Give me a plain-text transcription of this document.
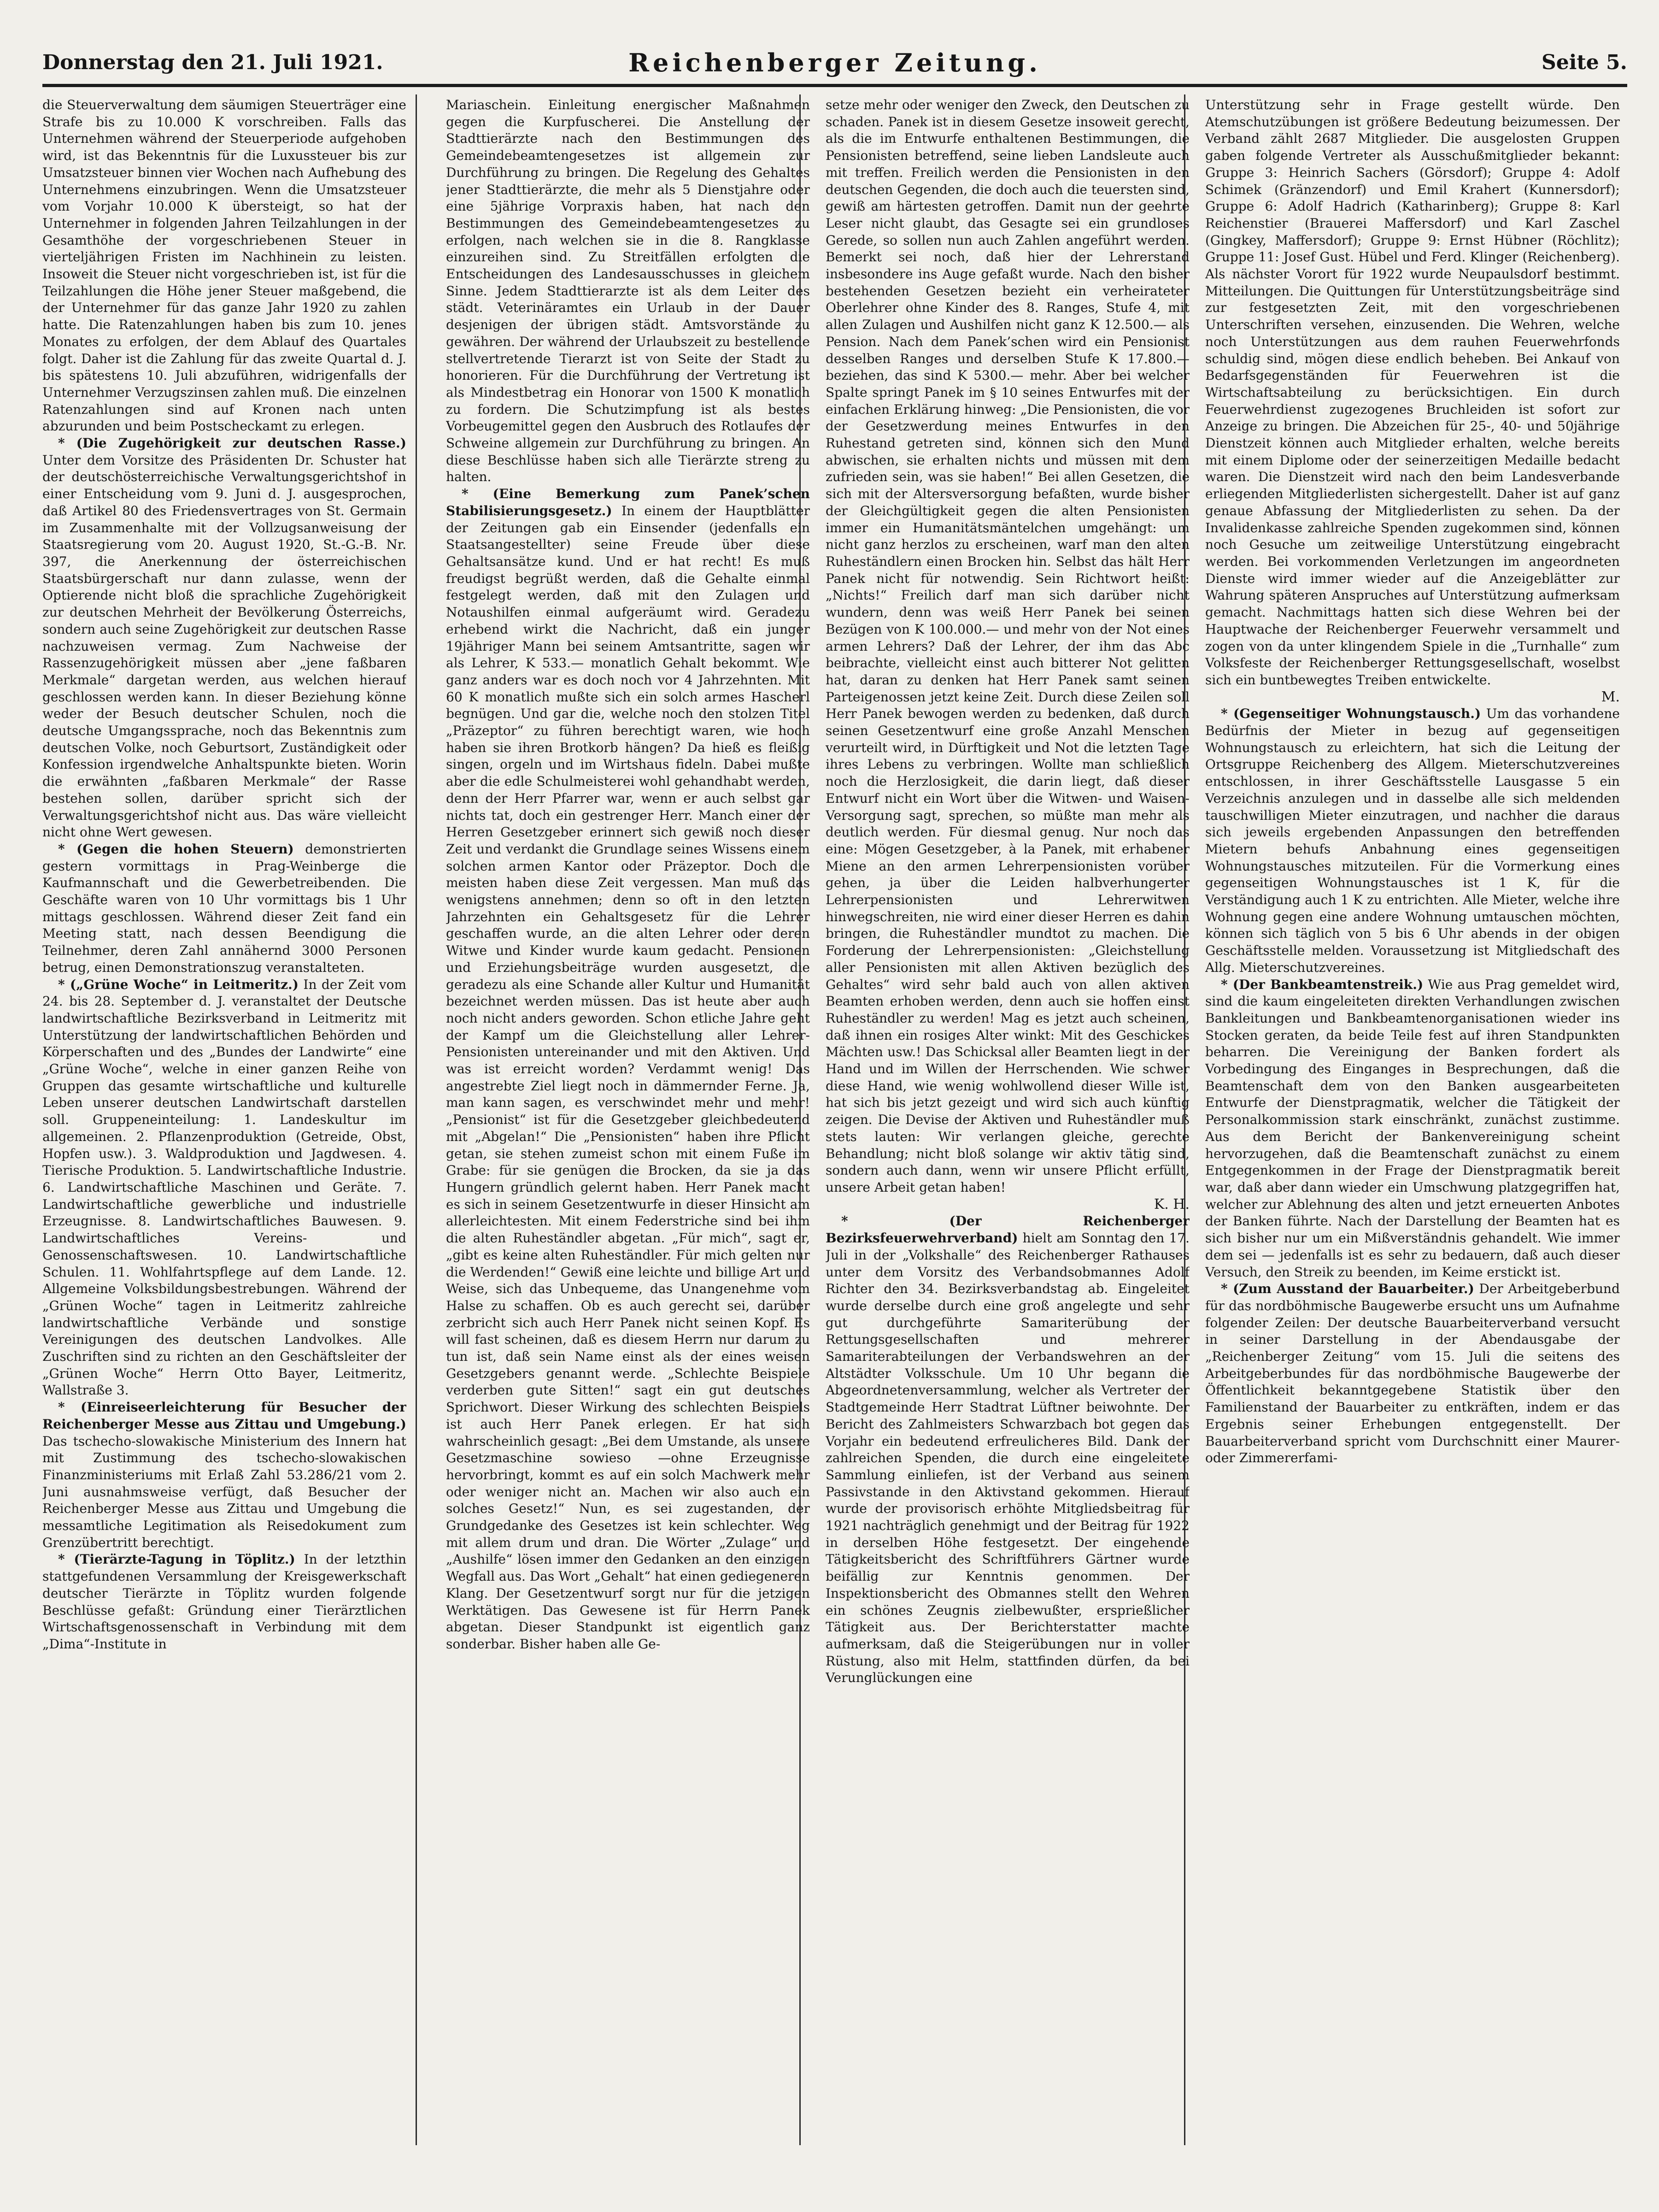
Donnerstag den 21. Juli 1921.	Reichenberger Zeitung.	Seite 5.

die Steuerverwaltung dem säumigen Steuerträger eine Strafe bis zu 10.000 K vorschreiben. Falls das Unternehmen während der Steuerperiode aufgehoben wird, ist das Bekenntnis für die Luxussteuer bis zur Umsatzsteuer binnen vier Wochen nach Aufhebung des Unternehmens einzubringen. Wenn die Umsatzsteuer vom Vorjahr 10.000 K übersteigt, so hat der Unternehmer in folgenden Jahren Teilzahlungen in der Gesamthöhe der vorgeschriebenen Steuer in vierteljährigen Fristen im Nachhinein zu leisten. Insoweit die Steuer nicht vorgeschrieben ist, ist für die Teilzahlungen die Höhe jener Steuer maßgebend, die der Unternehmer für das ganze Jahr 1920 zu zahlen hatte. Die Ratenzahlungen haben bis zum 10. jenes Monates zu erfolgen, der dem Ablauf des Quartales folgt. Daher ist die Zahlung für das zweite Quartal d. J. bis spätestens 10. Juli abzuführen, widrigenfalls der Unternehmer Verzugszinsen zahlen muß. Die einzelnen Ratenzahlungen sind auf Kronen nach unten abzurunden und beim Postscheckamt zu erlegen.

* (Die Zugehörigkeit zur deutschen Rasse.) Unter dem Vorsitze des Präsidenten Dr. Schuster hat der deutschösterreichische Verwaltungsgerichtshof in einer Entscheidung vom 9. Juni d. J. ausgesprochen, daß Artikel 80 des Friedensvertrages von St. Germain im Zusammenhalte mit der Vollzugsanweisung der Staatsregierung vom 20. August 1920, St.-G.-B. Nr. 397, die Anerkennung der österreichischen Staatsbürgerschaft nur dann zulasse, wenn der Optierende nicht bloß die sprachliche Zugehörigkeit zur deutschen Mehrheit der Bevölkerung Österreichs, sondern auch seine Zugehörigkeit zur deutschen Rasse nachzuweisen vermag. Zum Nachweise der Rassenzugehörigkeit müssen aber „jene faßbaren Merkmale“ dargetan werden, aus welchen hierauf geschlossen werden kann. In dieser Beziehung könne weder der Besuch deutscher Schulen, noch die deutsche Umgangssprache, noch das Bekenntnis zum deutschen Volke, noch Geburtsort, Zuständigkeit oder Konfession irgendwelche Anhaltspunkte bieten. Worin die erwähnten „faßbaren Merkmale“ der Rasse bestehen sollen, darüber spricht sich der Verwaltungsgerichtshof nicht aus. Das wäre vielleicht nicht ohne Wert gewesen.

* (Gegen die hohen Steuern) demonstrierten gestern vormittags in Prag-Weinberge die Kaufmannschaft und die Gewerbetreibenden. Die Geschäfte waren von 10 Uhr vormittags bis 1 Uhr mittags geschlossen. Während dieser Zeit fand ein Meeting statt, nach dessen Beendigung die Teilnehmer, deren Zahl annähernd 3000 Personen betrug, einen Demonstrationszug veranstalteten.

* („Grüne Woche“ in Leitmeritz.) In der Zeit vom 24. bis 28. September d. J. veranstaltet der Deutsche landwirtschaftliche Bezirksverband in Leitmeritz mit Unterstützung der landwirtschaftlichen Behörden und Körperschaften und des „Bundes der Landwirte“ eine „Grüne Woche“, welche in einer ganzen Reihe von Gruppen das gesamte wirtschaftliche und kulturelle Leben unserer deutschen Landwirtschaft darstellen soll. Gruppeneinteilung: 1. Landeskultur im allgemeinen. 2. Pflanzenproduktion (Getreide, Obst, Hopfen usw.). 3. Waldproduktion und Jagdwesen. 4. Tierische Produktion. 5. Landwirtschaftliche Industrie. 6. Landwirtschaftliche Maschinen und Geräte. 7. Landwirtschaftliche gewerbliche und industrielle Erzeugnisse. 8. Landwirtschaftliches Bauwesen. 9. Landwirtschaftliches Vereins- und Genossenschaftswesen. 10. Landwirtschaftliche Schulen. 11. Wohlfahrtspflege auf dem Lande. 12. Allgemeine Volksbildungsbestrebungen. Während der „Grünen Woche“ tagen in Leitmeritz zahlreiche landwirtschaftliche Verbände und sonstige Vereinigungen des deutschen Landvolkes. Alle Zuschriften sind zu richten an den Geschäftsleiter der „Grünen Woche“ Herrn Otto Bayer, Leitmeritz, Wallstraße 3.

* (Einreiseerleichterung für Besucher der Reichenberger Messe aus Zittau und Umgebung.) Das tschecho-slowakische Ministerium des Innern hat mit Zustimmung des tschecho-slowakischen Finanzministeriums mit Erlaß Zahl 53.286/21 vom 2. Juni ausnahmsweise verfügt, daß Besucher der Reichenberger Messe aus Zittau und Umgebung die messamtliche Legitimation als Reisedokument zum Grenzübertritt berechtigt.

* (Tierärzte-Tagung in Töplitz.) In der letzthin stattgefundenen Versammlung der Kreisgewerkschaft deutscher Tierärzte in Töplitz wurden folgende Beschlüsse gefaßt: Gründung einer Tierärztlichen Wirtschaftsgenossenschaft in Verbindung mit dem „Dima“-Institute in

Mariaschein. Einleitung energischer Maßnahmen gegen die Kurpfuscherei. Die Anstellung der Stadttierärzte nach den Bestimmungen des Gemeindebeamtengesetzes ist allgemein zur Durchführung zu bringen. Die Regelung des Gehaltes jener Stadttierärzte, die mehr als 5 Dienstjahre oder eine 5jährige Vorpraxis haben, hat nach den Bestimmungen des Gemeindebeamtengesetzes zu erfolgen, nach welchen sie in die 8. Rangklasse einzureihen sind. Zu Streitfällen erfolgten die Entscheidungen des Landesausschusses in gleichem Sinne. Jedem Stadttierarzte ist als dem Leiter des städt. Veterinäramtes ein Urlaub in der Dauer desjenigen der übrigen städt. Amtsvorstände zu gewähren. Der während der Urlaubszeit zu bestellende stellvertretende Tierarzt ist von Seite der Stadt zu honorieren. Für die Durchführung der Vertretung ist als Mindestbetrag ein Honorar von 1500 K monatlich zu fordern. Die Schutzimpfung ist als bestes Vorbeugemittel gegen den Ausbruch des Rotlaufes der Schweine allgemein zur Durchführung zu bringen. An diese Beschlüsse haben sich alle Tierärzte streng zu halten.

* (Eine Bemerkung zum Panek’schen Stabilisierungsgesetz.) In einem der Hauptblätter der Zeitungen gab ein Einsender (jedenfalls ein Staatsangestellter) seine Freude über diese Gehaltsansätze kund. Und er hat recht! Es muß freudigst begrüßt werden, daß die Gehalte einmal festgelegt werden, daß mit den Zulagen und Notaushilfen einmal aufgeräumt wird. Geradezu erhebend wirkt die Nachricht, daß ein junger 19jähriger Mann bei seinem Amtsantritte, sagen wir als Lehrer, K 533.— monatlich Gehalt bekommt. Wie ganz anders war es doch noch vor 4 Jahrzehnten. Mit 60 K monatlich mußte sich ein solch armes Hascherl begnügen. Und gar die, welche noch den stolzen Titel „Präzeptor“ zu führen berechtigt waren, wie hoch haben sie ihren Brotkorb hängen? Da hieß es fleißig singen, orgeln und im Wirtshaus fideln. Dabei mußte aber die edle Schulmeisterei wohl gehandhabt werden, denn der Herr Pfarrer war, wenn er auch selbst gar nichts tat, doch ein gestrenger Herr. Manch einer der Herren Gesetzgeber erinnert sich gewiß noch dieser Zeit und verdankt die Grundlage seines Wissens einem solchen armen Kantor oder Präzeptor. Doch die meisten haben diese Zeit vergessen. Man muß das wenigstens annehmen; denn so oft in den letzten Jahrzehnten ein Gehaltsgesetz für die Lehrer geschaffen wurde, an die alten Lehrer oder deren Witwe und Kinder wurde kaum gedacht. Pensionen und Erziehungsbeiträge wurden ausgesetzt, die geradezu als eine Schande aller Kultur und Humanität bezeichnet werden müssen. Das ist heute aber auch noch nicht anders geworden. Schon etliche Jahre geht der Kampf um die Gleichstellung aller Lehrer-Pensionisten untereinander und mit den Aktiven. Und was ist erreicht worden? Verdammt wenig! Das angestrebte Ziel liegt noch in dämmernder Ferne. Ja, man kann sagen, es verschwindet mehr und mehr! „Pensionist“ ist für die Gesetzgeber gleichbedeutend mit „Abgelan!“ Die „Pensionisten“ haben ihre Pflicht getan, sie stehen zumeist schon mit einem Fuße im Grabe: für sie genügen die Brocken, da sie ja das Hungern gründlich gelernt haben. Herr Panek macht es sich in seinem Gesetzentwurfe in dieser Hinsicht am allerleichtesten. Mit einem Federstriche sind bei ihm die alten Ruheständler abgetan. „Für mich“, sagt er, „gibt es keine alten Ruheständler. Für mich gelten nur die Werdenden!“ Gewiß eine leichte und billige Art und Weise, sich das Unbequeme, das Unangenehme vom Halse zu schaffen. Ob es auch gerecht sei, darüber zerbricht sich auch Herr Panek nicht seinen Kopf. Es will fast scheinen, daß es diesem Herrn nur darum zu tun ist, daß sein Name einst als der eines weisen Gesetzgebers genannt werde. „Schlechte Beispiele verderben gute Sitten!“ sagt ein gut deutsches Sprichwort. Dieser Wirkung des schlechten Beispiels ist auch Herr Panek erlegen. Er hat sich wahrscheinlich gesagt: „Bei dem Umstande, als unsere Gesetzmaschine sowieso —ohne Erzeugnisse hervorbringt, kommt es auf ein solch Machwerk mehr oder weniger nicht an. Machen wir also auch ein solches Gesetz!“ Nun, es sei zugestanden, der Grundgedanke des Gesetzes ist kein schlechter. Weg mit allem drum und dran. Die Wörter „Zulage“ und „Aushilfe“ lösen immer den Gedanken an den einzigen Wegfall aus. Das Wort „Gehalt“ hat einen gediegeneren Klang. Der Gesetzentwurf sorgt nur für die jetzigen Werktätigen. Das Gewesene ist für Herrn Panek abgetan. Dieser Standpunkt ist eigentlich ganz sonderbar. Bisher haben alle Ge-

setze mehr oder weniger den Zweck, den Deutschen zu schaden. Panek ist in diesem Gesetze insoweit gerecht, als die im Entwurfe enthaltenen Bestimmungen, die Pensionisten betreffend, seine lieben Landsleute auch mit treffen. Freilich werden die Pensionisten in den deutschen Gegenden, die doch auch die teuersten sind, gewiß am härtesten getroffen. Damit nun der geehrte Leser nicht glaubt, das Gesagte sei ein grundloses Gerede, so sollen nun auch Zahlen angeführt werden. Bemerkt sei noch, daß hier der Lehrerstand insbesondere ins Auge gefaßt wurde. Nach den bisher bestehenden Gesetzen bezieht ein verheirateter Oberlehrer ohne Kinder des 8. Ranges, Stufe 4, mit allen Zulagen und Aushilfen nicht ganz K 12.500.— als Pension. Nach dem Panek’schen wird ein Pensionist desselben Ranges und derselben Stufe K 17.800.— beziehen, das sind K 5300.— mehr. Aber bei welcher Spalte springt Panek im § 10 seines Entwurfes mit der einfachen Erklärung hinweg: „Die Pensionisten, die vor der Gesetzwerdung meines Entwurfes in den Ruhestand getreten sind, können sich den Mund abwischen, sie erhalten nichts und müssen mit dem zufrieden sein, was sie haben!“ Bei allen Gesetzen, die sich mit der Altersversorgung befaßten, wurde bisher der Gleichgültigkeit gegen die alten Pensionisten immer ein Humanitätsmäntelchen umgehängt: um nicht ganz herzlos zu erscheinen, warf man den alten Ruheständlern einen Brocken hin. Selbst das hält Herr Panek nicht für notwendig. Sein Richtwort heißt: „Nichts!“ Freilich darf man sich darüber nicht wundern, denn was weiß Herr Panek bei seinen Bezügen von K 100.000.— und mehr von der Not eines armen Lehrers? Daß der Lehrer, der ihm das Abc beibrachte, vielleicht einst auch bitterer Not gelitten hat, daran zu denken hat Herr Panek samt seinen Parteigenossen jetzt keine Zeit. Durch diese Zeilen soll Herr Panek bewogen werden zu bedenken, daß durch seinen Gesetzentwurf eine große Anzahl Menschen verurteilt wird, in Dürftigkeit und Not die letzten Tage ihres Lebens zu verbringen. Wollte man schließlich noch die Herzlosigkeit, die darin liegt, daß dieser Entwurf nicht ein Wort über die Witwen- und Waisen-Versorgung sagt, sprechen, so müßte man mehr als deutlich werden. Für diesmal genug. Nur noch das eine: Mögen Gesetzgeber, à la Panek, mit erhabener Miene an den armen Lehrerpensionisten vorüber gehen, ja über die Leiden halbverhungerter Lehrerpensionisten und Lehrerwitwen hinwegschreiten, nie wird einer dieser Herren es dahin bringen, die Ruheständler mundtot zu machen. Die Forderung der Lehrerpensionisten: „Gleichstellung aller Pensionisten mit allen Aktiven bezüglich des Gehaltes“ wird sehr bald auch von allen aktiven Beamten erhoben werden, denn auch sie hoffen einst Ruheständler zu werden! Mag es jetzt auch scheinen, daß ihnen ein rosiges Alter winkt: Mit des Geschickes Mächten usw.! Das Schicksal aller Beamten liegt in der Hand und im Willen der Herrschenden. Wie schwer diese Hand, wie wenig wohlwollend dieser Wille ist, hat sich bis jetzt gezeigt und wird sich auch künftig zeigen. Die Devise der Aktiven und Ruheständler muß stets lauten: Wir verlangen gleiche, gerechte Behandlung; nicht bloß solange wir aktiv tätig sind, sondern auch dann, wenn wir unsere Pflicht erfüllt, unsere Arbeit getan haben!

K. H.

* (Der Reichenberger Bezirksfeuerwehrverband) hielt am Sonntag den 17. Juli in der „Volkshalle“ des Reichenberger Rathauses unter dem Vorsitz des Verbandsobmannes Adolf Richter den 34. Bezirksverbandstag ab. Eingeleitet wurde derselbe durch eine groß angelegte und sehr gut durchgeführte Samariterübung der Rettungsgesellschaften und mehrerer Samariterabteilungen der Verbandswehren an der Altstädter Volksschule. Um 10 Uhr begann die Abgeordnetenversammlung, welcher als Vertreter der Stadtgemeinde Herr Stadtrat Lüftner beiwohnte. Der Bericht des Zahlmeisters Schwarzbach bot gegen das Vorjahr ein bedeutend erfreulicheres Bild. Dank der zahlreichen Spenden, die durch eine eingeleitete Sammlung einliefen, ist der Verband aus seinem Passivstande in den Aktivstand gekommen. Hierauf wurde der provisorisch erhöhte Mitgliedsbeitrag für 1921 nachträglich genehmigt und der Beitrag für 1922 in derselben Höhe festgesetzt. Der eingehende Tätigkeitsbericht des Schriftführers Gärtner wurde beifällig zur Kenntnis genommen. Der Inspektionsbericht des Obmannes stellt den Wehren ein schönes Zeugnis zielbewußter, ersprießlicher Tätigkeit aus. Der Berichterstatter machte aufmerksam, daß die Steigerübungen nur in voller Rüstung, also mit Helm, stattfinden dürfen, da bei Verunglückungen eine

Unterstützung sehr in Frage gestellt würde. Den Atemschutzübungen ist größere Bedeutung beizumessen. Der Verband zählt 2687 Mitglieder. Die ausgelosten Gruppen gaben folgende Vertreter als Ausschußmitglieder bekannt: Gruppe 3: Heinrich Sachers (Görsdorf); Gruppe 4: Adolf Schimek (Gränzendorf) und Emil Krahert (Kunnersdorf); Gruppe 6: Adolf Hadrich (Katharinberg); Gruppe 8: Karl Reichenstier (Brauerei Maffersdorf) und Karl Zaschel (Gingkey, Maffersdorf); Gruppe 9: Ernst Hübner (Röchlitz); Gruppe 11: Josef Gust. Hübel und Ferd. Klinger (Reichenberg). Als nächster Vorort für 1922 wurde Neupaulsdorf bestimmt. Mitteilungen. Die Quittungen für Unterstützungsbeiträge sind zur festgesetzten Zeit, mit den vorgeschriebenen Unterschriften versehen, einzusenden. Die Wehren, welche noch Unterstützungen aus dem rauhen Feuerwehrfonds schuldig sind, mögen diese endlich beheben. Bei Ankauf von Bedarfsgegenständen für Feuerwehren ist die Wirtschaftsabteilung zu berücksichtigen. Ein durch Feuerwehrdienst zugezogenes Bruchleiden ist sofort zur Anzeige zu bringen. Die Abzeichen für 25-, 40- und 50jährige Dienstzeit können auch Mitglieder erhalten, welche bereits mit einem Diplome oder der seinerzeitigen Medaille bedacht waren. Die Dienstzeit wird nach den beim Landesverbande erliegenden Mitgliederlisten sichergestellt. Daher ist auf ganz genaue Abfassung der Mitgliederlisten zu sehen. Da der Invalidenkasse zahlreiche Spenden zugekommen sind, können noch Gesuche um zeitweilige Unterstützung eingebracht werden. Bei vorkommenden Verletzungen im angeordneten Dienste wird immer wieder auf die Anzeigeblätter zur Wahrung späteren Anspruches auf Unterstützung aufmerksam gemacht. Nachmittags hatten sich diese Wehren bei der Hauptwache der Reichenberger Feuerwehr versammelt und zogen von da unter klingendem Spiele in die „Turnhalle“ zum Volksfeste der Reichenberger Rettungsgesellschaft, woselbst sich ein buntbewegtes Treiben entwickelte.

M.

* (Gegenseitiger Wohnungstausch.) Um das vorhandene Bedürfnis der Mieter in bezug auf gegenseitigen Wohnungstausch zu erleichtern, hat sich die Leitung der Ortsgruppe Reichenberg des Allgem. Mieterschutzvereines entschlossen, in ihrer Geschäftsstelle Lausgasse 5 ein Verzeichnis anzulegen und in dasselbe alle sich meldenden tauschwilligen Mieter einzutragen, und nachher die daraus sich jeweils ergebenden Anpassungen den betreffenden Mietern behufs Anbahnung eines gegenseitigen Wohnungstausches mitzuteilen. Für die Vormerkung eines gegenseitigen Wohnungstausches ist 1 K, für die Verständigung auch 1 K zu entrichten. Alle Mieter, welche ihre Wohnung gegen eine andere Wohnung umtauschen möchten, können sich täglich von 5 bis 6 Uhr abends in der obigen Geschäftsstelle melden. Voraussetzung ist Mitgliedschaft des Allg. Mieterschutzvereines.

* (Der Bankbeamtenstreik.) Wie aus Prag gemeldet wird, sind die kaum eingeleiteten direkten Verhandlungen zwischen Bankleitungen und Bankbeamtenorganisationen wieder ins Stocken geraten, da beide Teile fest auf ihren Standpunkten beharren. Die Vereinigung der Banken fordert als Vorbedingung des Einganges in Besprechungen, daß die Beamtenschaft dem von den Banken ausgearbeiteten Entwurfe der Dienstpragmatik, welcher die Tätigkeit der Personalkommission stark einschränkt, zunächst zustimme. Aus dem Bericht der Bankenvereinigung scheint hervorzugehen, daß die Beamtenschaft zunächst zu einem Entgegenkommen in der Frage der Dienstpragmatik bereit war, daß aber dann wieder ein Umschwung platzgegriffen hat, welcher zur Ablehnung des alten und jetzt erneuerten Anbotes der Banken führte. Nach der Darstellung der Beamten hat es sich bisher nur um ein Mißverständnis gehandelt. Wie immer dem sei — jedenfalls ist es sehr zu bedauern, daß auch dieser Versuch, den Streik zu beenden, im Keime erstickt ist.

* (Zum Ausstand der Bauarbeiter.) Der Arbeitgeberbund für das nordböhmische Baugewerbe ersucht uns um Aufnahme folgender Zeilen: Der deutsche Bauarbeiterverband versucht in seiner Darstellung in der Abendausgabe der „Reichenberger Zeitung“ vom 15. Juli die seitens des Arbeitgeberbundes für das nordböhmische Baugewerbe der Öffentlichkeit bekanntgegebene Statistik über den Familienstand der Bauarbeiter zu entkräften, indem er das Ergebnis seiner Erhebungen entgegenstellt. Der Bauarbeiterverband spricht vom Durchschnitt einer Maurer- oder Zimmererfami-
